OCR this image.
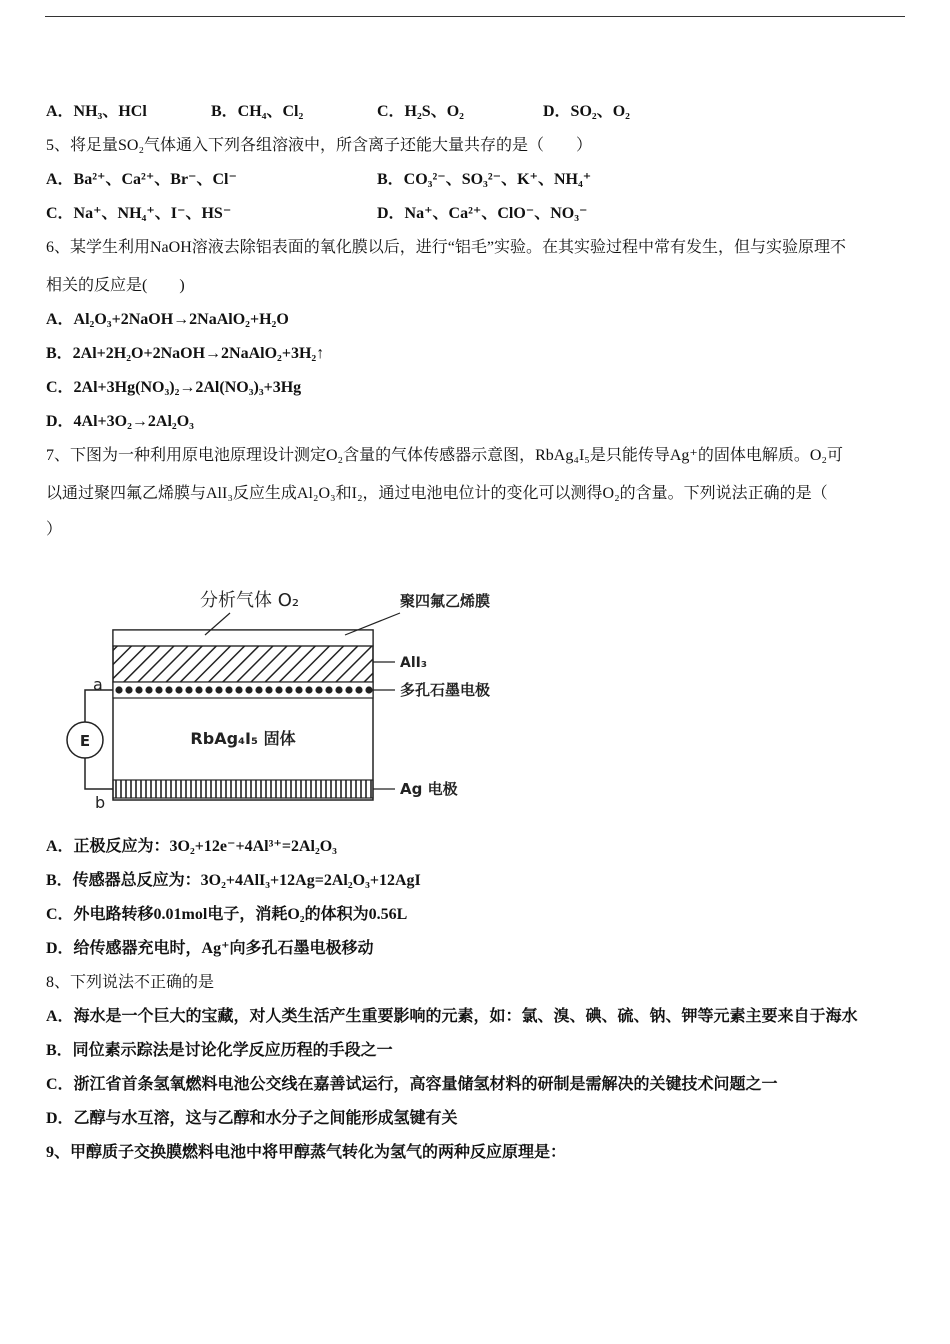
A．NH₃、HCl	B．CH₄、Cl₂	C．H₂S、O₂	D．SO₂、O₂
5、将足量SO₂气体通入下列各组溶液中，所含离子还能大量共存的是（　　）
A．Ba²⁺、Ca²⁺、Br⁻、Cl⁻	B．CO₃²⁻、SO₃²⁻、K⁺、NH₄⁺
C．Na⁺、NH₄⁺、I⁻、HS⁻	D．Na⁺、Ca²⁺、ClO⁻、NO₃⁻
6、某学生利用NaOH溶液去除铝表面的氧化膜以后，进行“铝毛”实验。在其实验过程中常有发生，但与实验原理不
相关的反应是(　　)
A．Al₂O₃+2NaOH→2NaAlO₂+H₂O
B．2Al+2H₂O+2NaOH→2NaAlO₂+3H₂↑
C．2Al+3Hg(NO₃)₂→2Al(NO₃)₃+3Hg
D．4Al+3O₂→2Al₂O₃
7、下图为一种利用原电池原理设计测定O₂含量的气体传感器示意图，RbAg₄I₅是只能传导Ag⁺的固体电解质。O₂可
以通过聚四氟乙烯膜与AlI₃反应生成Al₂O₃和I₂，通过电池电位计的变化可以测得O₂的含量。下列说法正确的是（
）
E
a
b
分析气体 O₂	聚四氟乙烯膜
AlI₃
多孔石墨电极
Ag 电极
RbAg₄I₅ 固体
A．正极反应为：3O₂+12e⁻+4Al³⁺=2Al₂O₃
B．传感器总反应为：3O₂+4AlI₃+12Ag=2Al₂O₃+12AgI
C．外电路转移0.01mol电子，消耗O₂的体积为0.56L
D．给传感器充电时，Ag⁺向多孔石墨电极移动
8、下列说法不正确的是
A．海水是一个巨大的宝藏，对人类生活产生重要影响的元素，如：氯、溴、碘、硫、钠、钾等元素主要来自于海水
B．同位素示踪法是讨论化学反应历程的手段之一
C．浙江省首条氢氧燃料电池公交线在嘉善试运行，高容量储氢材料的研制是需解决的关键技术问题之一
D．乙醇与水互溶，这与乙醇和水分子之间能形成氢键有关
9、甲醇质子交换膜燃料电池中将甲醇蒸气转化为氢气的两种反应原理是：
